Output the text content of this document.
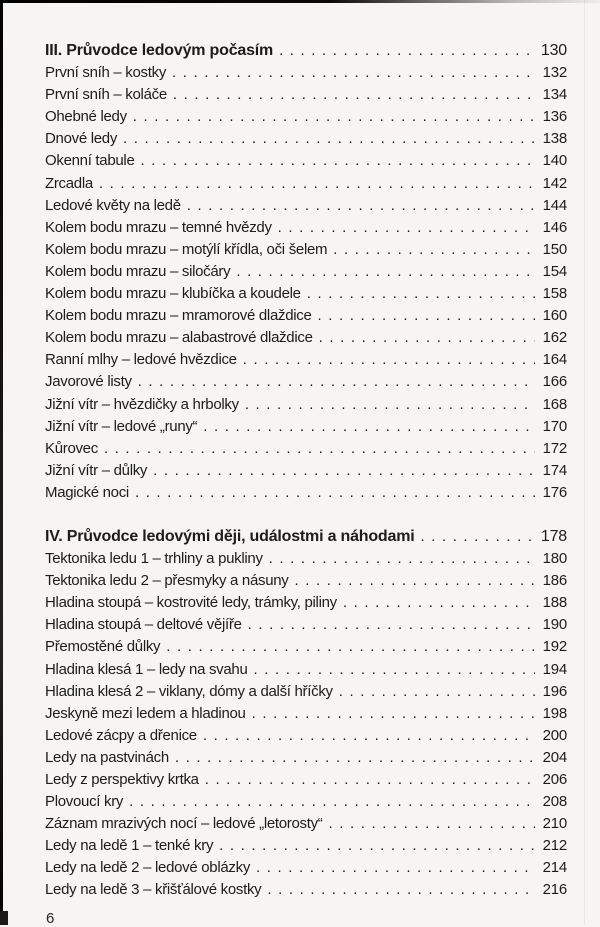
III. Průvodce ledovým počasím . . .	130
První sníh – kostky . . .	132
První sníh – koláče . . .	134
Ohebné ledy . . .	136
Dnové ledy . . .	138
Okenní tabule . . .	140
Zrcadla . . .	142
Ledové květy na ledě . . .	144
Kolem bodu mrazu – temné hvězdy . . .	146
Kolem bodu mrazu – motýlí křídla, oči šelem . . .	150
Kolem bodu mrazu – siločáry . . .	154
Kolem bodu mrazu – klubíčka a koudele . . .	158
Kolem bodu mrazu – mramorové dlaždice . . .	160
Kolem bodu mrazu – alabastrové dlaždice . . .	162
Ranní mlhy – ledové hvězdice . . .	164
Javorové listy . . .	166
Jižní vítr – hvězdičky a hrbolky . . .	168
Jižní vítr – ledové „runy“ . . .	170
Kůrovec . . .	172
Jižní vítr – důlky . . .	174
Magické noci . . .	176
IV. Průvodce ledovými ději, událostmi a náhodami . . .	178
Tektonika ledu 1 – trhliny a pukliny . . .	180
Tektonika ledu 2 – přesmyky a násuny . . .	186
Hladina stoupá – kostrovité ledy, trámky, piliny . . .	188
Hladina stoupá – deltové vějíře . . .	190
Přemostěné důlky . . .	192
Hladina klesá 1 – ledy na svahu . . .	194
Hladina klesá 2 – viklany, dómy a další hříčky . . .	196
Jeskyně mezi ledem a hladinou . . .	198
Ledové zácpy a dřenice . . .	200
Ledy na pastvinách . . .	204
Ledy z perspektivy krtka . . .	206
Plovoucí kry . . .	208
Záznam mrazivých nocí – ledové „letorosty“ . . .	210
Ledy na ledě 1 – tenké kry . . .	212
Ledy na ledě 2 – ledové oblázky . . .	214
Ledy na ledě 3 – křišťálové kostky . . .	216
6
